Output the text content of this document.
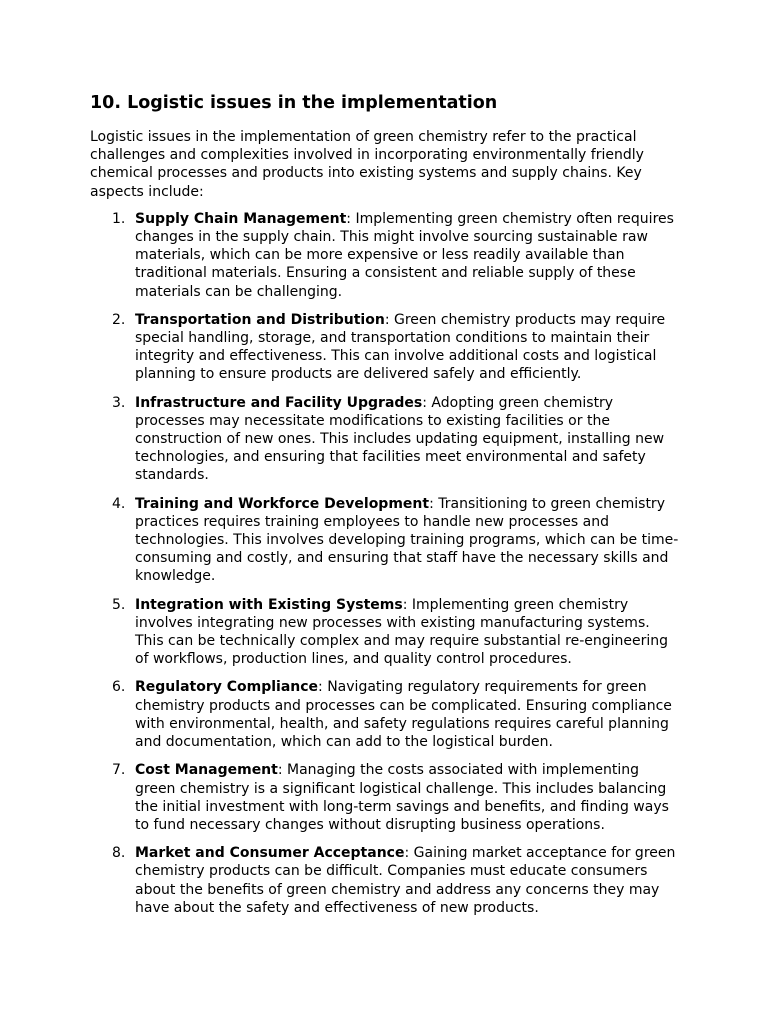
10. Logistic issues in the implementation

Logistic issues in the implementation of green chemistry refer to the practical challenges and complexities involved in incorporating environmentally friendly chemical processes and products into existing systems and supply chains. Key aspects include:

1. Supply Chain Management: Implementing green chemistry often requires changes in the supply chain. This might involve sourcing sustainable raw materials, which can be more expensive or less readily available than traditional materials. Ensuring a consistent and reliable supply of these materials can be challenging.
2. Transportation and Distribution: Green chemistry products may require special handling, storage, and transportation conditions to maintain their integrity and effectiveness. This can involve additional costs and logistical planning to ensure products are delivered safely and efficiently.
3. Infrastructure and Facility Upgrades: Adopting green chemistry processes may necessitate modifications to existing facilities or the construction of new ones. This includes updating equipment, installing new technologies, and ensuring that facilities meet environmental and safety standards.
4. Training and Workforce Development: Transitioning to green chemistry practices requires training employees to handle new processes and technologies. This involves developing training programs, which can be time-consuming and costly, and ensuring that staff have the necessary skills and knowledge.
5. Integration with Existing Systems: Implementing green chemistry involves integrating new processes with existing manufacturing systems. This can be technically complex and may require substantial re-engineering of workflows, production lines, and quality control procedures.
6. Regulatory Compliance: Navigating regulatory requirements for green chemistry products and processes can be complicated. Ensuring compliance with environmental, health, and safety regulations requires careful planning and documentation, which can add to the logistical burden.
7. Cost Management: Managing the costs associated with implementing green chemistry is a significant logistical challenge. This includes balancing the initial investment with long-term savings and benefits, and finding ways to fund necessary changes without disrupting business operations.
8. Market and Consumer Acceptance: Gaining market acceptance for green chemistry products can be difficult. Companies must educate consumers about the benefits of green chemistry and address any concerns they may have about the safety and effectiveness of new products.
